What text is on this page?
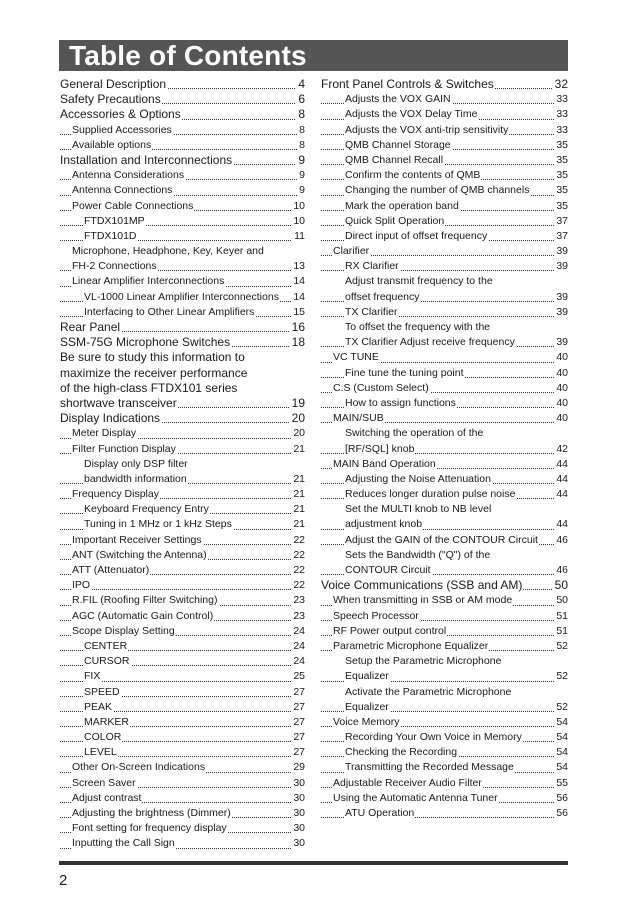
Table of Contents
General Description	4
Safety Precautions	6
Accessories & Options	8
Supplied Accessories	8
Available options	8
Installation and Interconnections	9
Antenna Considerations	9
Antenna Connections	9
Power Cable Connections	10
FTDX101MP	10
FTDX101D	11
Microphone, Headphone, Key, Keyer and
FH-2 Connections	13
Linear Amplifier Interconnections	14
VL-1000 Linear Amplifier Interconnections 14
Interfacing to Other Linear Amplifiers	15
Rear Panel	16
SSM-75G Microphone Switches	18
Be sure to study this information to
maximize the receiver performance
of the high-class FTDX101 series
shortwave transceiver	19
Display Indications	20
Meter Display	20
Filter Function Display	21
Display only DSP filter
bandwidth information	21
Frequency Display	21
Keyboard Frequency Entry	21
Tuning in 1 MHz or 1 kHz Steps	21
Important Receiver Settings	22
ANT (Switching the Antenna)	22
ATT (Attenuator)	22
IPO	22
R.FIL (Roofing Filter Switching)	23
AGC (Automatic Gain Control)	23
Scope Display Setting	24
CENTER	24
CURSOR	24
FIX	25
SPEED	27
PEAK	27
MARKER	27
COLOR	27
LEVEL	27
Other On-Screen Indications	29
Screen Saver	30
Adjust contrast	30
Adjusting the brightness (Dimmer)	30
Font setting for frequency display	30
Inputting the Call Sign	30
Front Panel Controls & Switches	32
Adjusts the VOX GAIN	33
Adjusts the VOX Delay Time	33
Adjusts the VOX anti-trip sensitivity	33
QMB Channel Storage	35
QMB Channel Recall	35
Confirm the contents of QMB	35
Changing the number of QMB channels	35
Mark the operation band	35
Quick Split Operation	37
Direct input of offset frequency	37
Clarifier	39
RX Clarifier	39
Adjust transmit frequency to the
offset frequency	39
TX Clarifier	39
To offset the frequency with the
TX Clarifier Adjust receive frequency	39
VC TUNE	40
Fine tune the tuning point	40
C.S (Custom Select)	40
How to assign functions	40
MAIN/SUB	40
Switching the operation of the
[RF/SQL] knob	42
MAIN Band Operation	44
Adjusting the Noise Attenuation	44
Reduces longer duration pulse noise	44
Set the MULTI knob to NB level
adjustment knob	44
Adjust the GAIN of the CONTOUR Circuit 46
Sets the Bandwidth ("Q") of the
CONTOUR Circuit	46
Voice Communications (SSB and AM)	50
When transmitting in SSB or AM mode	50
Speech Processor	51
RF Power output control	51
Parametric Microphone Equalizer	52
Setup the Parametric Microphone
Equalizer	52
Activate the Parametric Microphone
Equalizer	52
Voice Memory	54
Recording Your Own Voice in Memory	54
Checking the Recording	54
Transmitting the Recorded Message	54
Adjustable Receiver Audio Filter	55
Using the Automatic Antenna Tuner	56
ATU Operation	56
2
